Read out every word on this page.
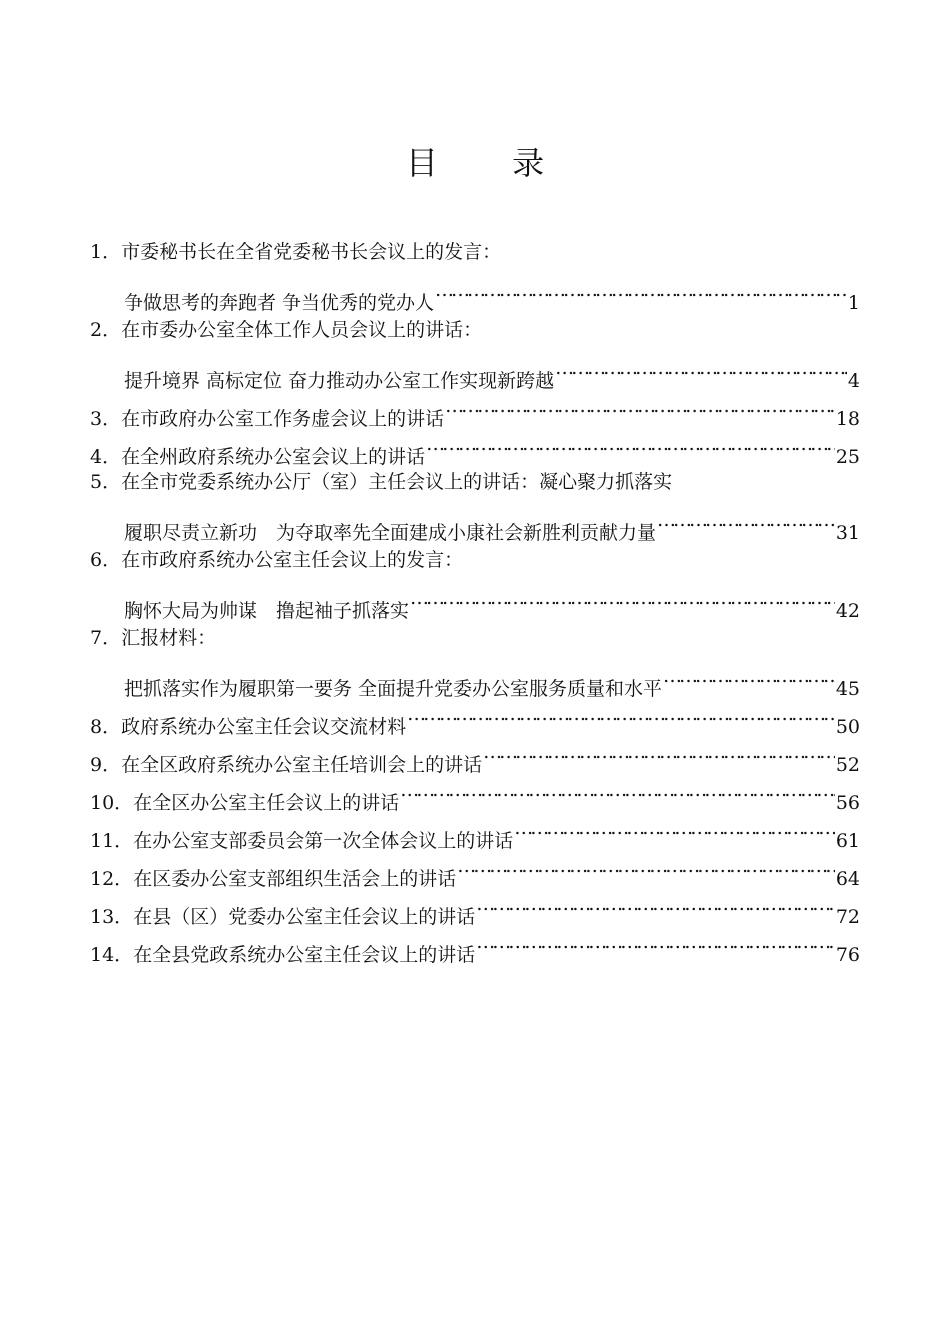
目 录
1． 市委秘书长在全省党委秘书长会议上的发言：
争做思考的奔跑者 争当优秀的党办人 ………………………………………………………………………………………………………………………………………………………	1
2． 在市委办公室全体工作人员会议上的讲话：
提升境界 高标定位 奋力推动办公室工作实现新跨越 ………………………………………………………………………………………………………………………………………………………	4
3． 在市政府办公室工作务虚会议上的讲话 ………………………………………………………………………………………………………………………………………………………	18
4． 在全州政府系统办公室会议上的讲话 ………………………………………………………………………………………………………………………………………………………	25
5． 在全市党委系统办公厅（室）主任会议上的讲话：凝心聚力抓落实
履职尽责立新功　为夺取率先全面建成小康社会新胜利贡献力量 ………………………………………………………………………………………………………………………………………………………	31
6． 在市政府系统办公室主任会议上的发言：
胸怀大局为帅谋　撸起袖子抓落实 ………………………………………………………………………………………………………………………………………………………	42
7． 汇报材料：
把抓落实作为履职第一要务 全面提升党委办公室服务质量和水平 ………………………………………………………………………………………………………………………………………………………	45
8． 政府系统办公室主任会议交流材料 ………………………………………………………………………………………………………………………………………………………	50
9． 在全区政府系统办公室主任培训会上的讲话 ………………………………………………………………………………………………………………………………………………………	52
10． 在全区办公室主任会议上的讲话 ………………………………………………………………………………………………………………………………………………………	56
11． 在办公室支部委员会第一次全体会议上的讲话 ………………………………………………………………………………………………………………………………………………………	61
12． 在区委办公室支部组织生活会上的讲话 ………………………………………………………………………………………………………………………………………………………	64
13． 在县（区）党委办公室主任会议上的讲话 ………………………………………………………………………………………………………………………………………………………	72
14． 在全县党政系统办公室主任会议上的讲话 ………………………………………………………………………………………………………………………………………………………	76
